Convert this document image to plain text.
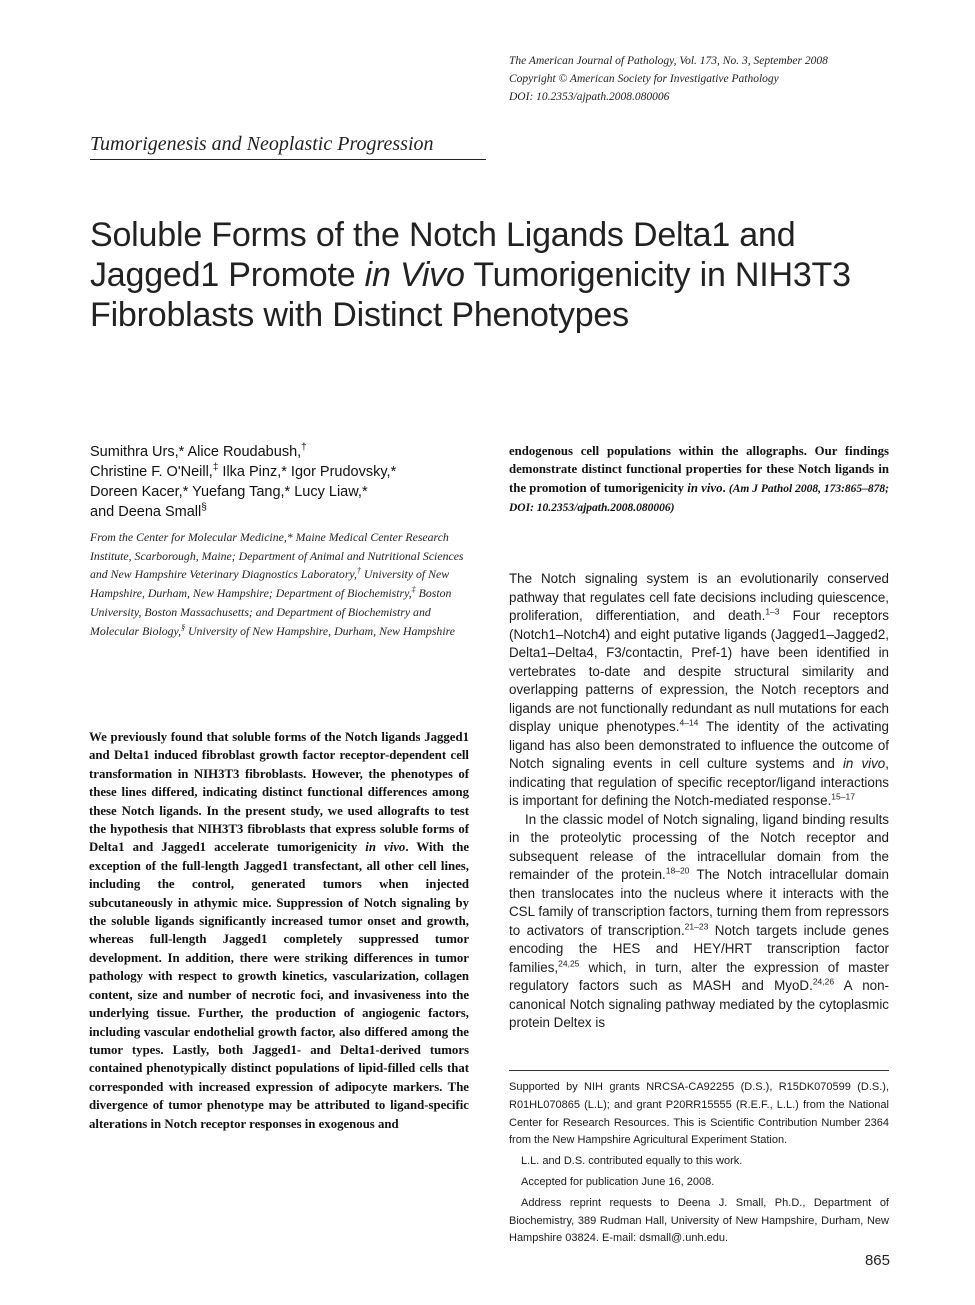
The American Journal of Pathology, Vol. 173, No. 3, September 2008
Copyright © American Society for Investigative Pathology
DOI: 10.2353/ajpath.2008.080006
Tumorigenesis and Neoplastic Progression
Soluble Forms of the Notch Ligands Delta1 and Jagged1 Promote in Vivo Tumorigenicity in NIH3T3 Fibroblasts with Distinct Phenotypes
Sumithra Urs,* Alice Roudabush,†
Christine F. O'Neill,‡ Ilka Pinz,* Igor Prudovsky,*
Doreen Kacer,* Yuefang Tang,* Lucy Liaw,*
and Deena Small§
From the Center for Molecular Medicine,* Maine Medical Center Research Institute, Scarborough, Maine; Department of Animal and Nutritional Sciences and New Hampshire Veterinary Diagnostics Laboratory,† University of New Hampshire, Durham, New Hampshire; Department of Biochemistry,‡ Boston University, Boston Massachusetts; and Department of Biochemistry and Molecular Biology,§ University of New Hampshire, Durham, New Hampshire
We previously found that soluble forms of the Notch ligands Jagged1 and Delta1 induced fibroblast growth factor receptor-dependent cell transformation in NIH3T3 fibroblasts. However, the phenotypes of these lines differed, indicating distinct functional differences among these Notch ligands. In the present study, we used allografts to test the hypothesis that NIH3T3 fibroblasts that express soluble forms of Delta1 and Jagged1 accelerate tumorigenicity in vivo. With the exception of the full-length Jagged1 transfectant, all other cell lines, including the control, generated tumors when injected subcutaneously in athymic mice. Suppression of Notch signaling by the soluble ligands significantly increased tumor onset and growth, whereas full-length Jagged1 completely suppressed tumor development. In addition, there were striking differences in tumor pathology with respect to growth kinetics, vascularization, collagen content, size and number of necrotic foci, and invasiveness into the underlying tissue. Further, the production of angiogenic factors, including vascular endothelial growth factor, also differed among the tumor types. Lastly, both Jagged1- and Delta1-derived tumors contained phenotypically distinct populations of lipid-filled cells that corresponded with increased expression of adipocyte markers. The divergence of tumor phenotype may be attributed to ligand-specific alterations in Notch receptor responses in exogenous and
endogenous cell populations within the allographs. Our findings demonstrate distinct functional properties for these Notch ligands in the promotion of tumorigenicity in vivo. (Am J Pathol 2008, 173:865–878; DOI: 10.2353/ajpath.2008.080006)

The Notch signaling system is an evolutionarily conserved pathway that regulates cell fate decisions including quiescence, proliferation, differentiation, and death.$^{1-3}$ Four receptors (Notch1–Notch4) and eight putative ligands (Jagged1–Jagged2, Delta1–Delta4, F3/contactin, Pref-1) have been identified in vertebrates to-date and despite structural similarity and overlapping patterns of expression, the Notch receptors and ligands are not functionally redundant as null mutations for each display unique phenotypes.$^{4-14}$ The identity of the activating ligand has also been demonstrated to influence the outcome of Notch signaling events in cell culture systems and in vivo, indicating that regulation of specific receptor/ligand interactions is important for defining the Notch-mediated response.$^{15-17}$

In the classic model of Notch signaling, ligand binding results in the proteolytic processing of the Notch receptor and subsequent release of the intracellular domain from the remainder of the protein.$^{18-20}$ The Notch intracellular domain then translocates into the nucleus where it interacts with the CSL family of transcription factors, turning them from repressors to activators of transcription.$^{21-23}$ Notch targets include genes encoding the HES and HEY/HRT transcription factor families,$^{24,25}$ which, in turn, alter the expression of master regulatory factors such as MASH and MyoD.$^{24,26}$ A non-canonical Notch signaling pathway mediated by the cytoplasmic protein Deltex is

Supported by NIH grants NRCSA-CA92255 (D.S.), R15DK070599 (D.S.), R01HL070865 (L.L); and grant P20RR15555 (R.E.F., L.L.) from the National Center for Research Resources. This is Scientific Contribution Number 2364 from the New Hampshire Agricultural Experiment Station.

L.L. and D.S. contributed equally to this work.

Accepted for publication June 16, 2008.

Address reprint requests to Deena J. Small, Ph.D., Department of Biochemistry, 389 Rudman Hall, University of New Hampshire, Durham, New Hampshire 03824. E-mail: dsmall@.unh.edu.

865
